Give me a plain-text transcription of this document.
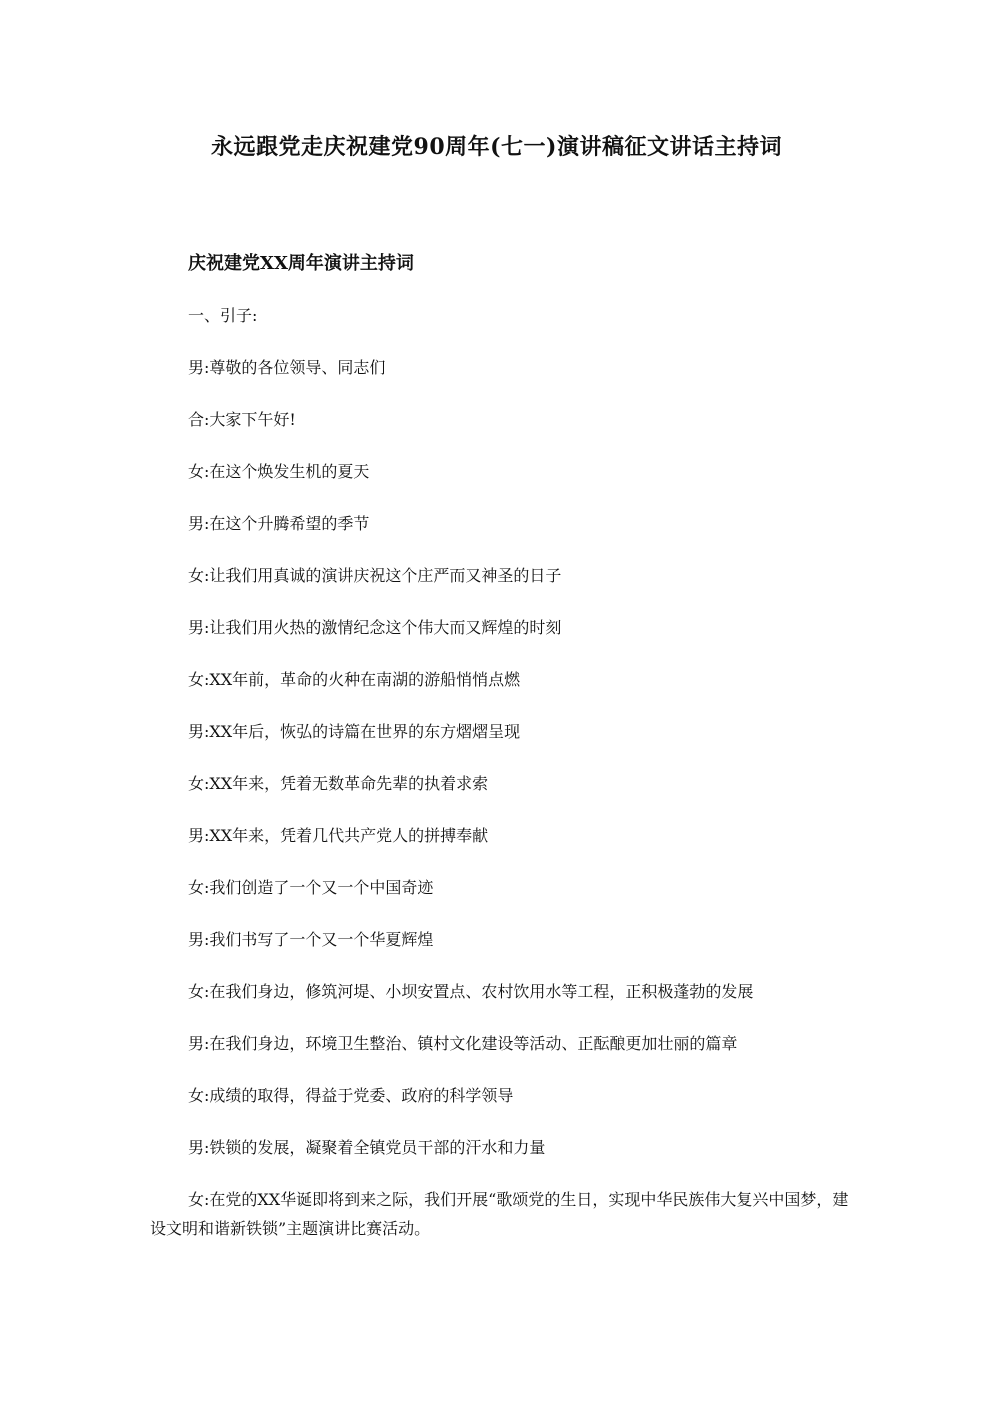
永远跟党走庆祝建党90周年(七一)演讲稿征文讲话主持词
庆祝建党XX周年演讲主持词
一、引子:
男:尊敬的各位领导、同志们
合:大家下午好!
女:在这个焕发生机的夏天
男:在这个升腾希望的季节
女:让我们用真诚的演讲庆祝这个庄严而又神圣的日子
男:让我们用火热的激情纪念这个伟大而又辉煌的时刻
女:XX年前，革命的火种在南湖的游船悄悄点燃
男:XX年后，恢弘的诗篇在世界的东方熠熠呈现
女:XX年来，凭着无数革命先辈的执着求索
男:XX年来，凭着几代共产党人的拼搏奉献
女:我们创造了一个又一个中国奇迹
男:我们书写了一个又一个华夏辉煌
女:在我们身边，修筑河堤、小坝安置点、农村饮用水等工程，正积极蓬勃的发展
男:在我们身边，环境卫生整治、镇村文化建设等活动、正酝酿更加壮丽的篇章
女:成绩的取得，得益于党委、政府的科学领导
男:铁锁的发展，凝聚着全镇党员干部的汗水和力量

女:在党的XX华诞即将到来之际，我们开展“歌颂党的生日，实现中华民族伟大复兴中国梦，建设文明和谐新铁锁”主题演讲比赛活动。
